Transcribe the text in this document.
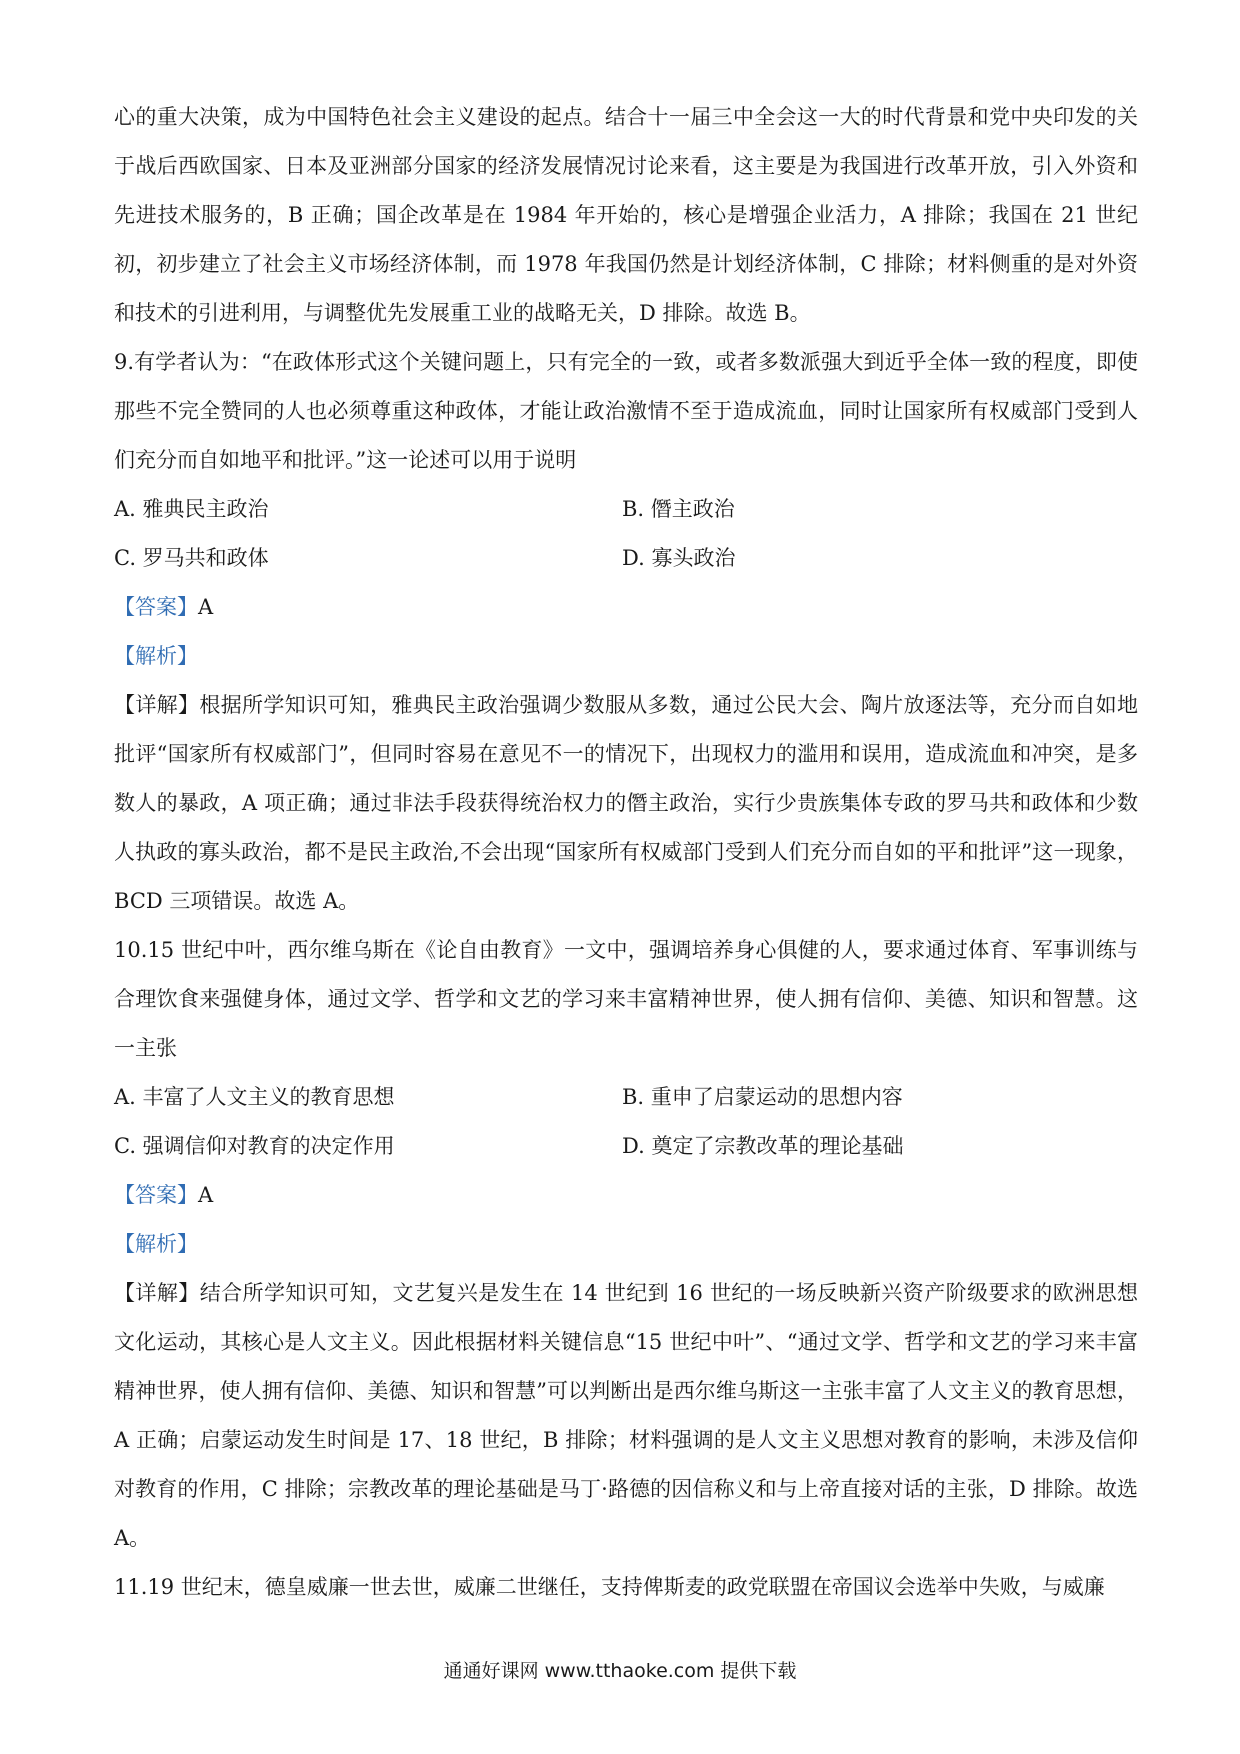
心的重大决策，成为中国特色社会主义建设的起点。结合十一届三中全会这一大的时代背景和党中央印发的关于战后西欧国家、日本及亚洲部分国家的经济发展情况讨论来看，这主要是为我国进行改革开放，引入外资和先进技术服务的，B 正确；国企改革是在 1984 年开始的，核心是增强企业活力，A 排除；我国在 21 世纪初，初步建立了社会主义市场经济体制，而 1978 年我国仍然是计划经济体制，C 排除；材料侧重的是对外资和技术的引进利用，与调整优先发展重工业的战略无关，D 排除。故选 B。

9.有学者认为：“在政体形式这个关键问题上，只有完全的一致，或者多数派强大到近乎全体一致的程度，即使那些不完全赞同的人也必须尊重这种政体，才能让政治激情不至于造成流血，同时让国家所有权威部门受到人们充分而自如地平和批评。”这一论述可以用于说明

A. 雅典民主政治	B. 僭主政治

C. 罗马共和政体	D. 寡头政治

【答案】A

【解析】

【详解】根据所学知识可知，雅典民主政治强调少数服从多数，通过公民大会、陶片放逐法等，充分而自如地批评“国家所有权威部门”，但同时容易在意见不一的情况下，出现权力的滥用和误用，造成流血和冲突，是多数人的暴政，A 项正确；通过非法手段获得统治权力的僭主政治，实行少贵族集体专政的罗马共和政体和少数人执政的寡头政治，都不是民主政治,不会出现“国家所有权威部门受到人们充分而自如的平和批评”这一现象，BCD 三项错误。故选 A。

10.15 世纪中叶，西尔维乌斯在《论自由教育》一文中，强调培养身心俱健的人，要求通过体育、军事训练与合理饮食来强健身体，通过文学、哲学和文艺的学习来丰富精神世界，使人拥有信仰、美德、知识和智慧。这一主张

A. 丰富了人文主义的教育思想	B. 重申了启蒙运动的思想内容

C. 强调信仰对教育的决定作用	D. 奠定了宗教改革的理论基础

【答案】A

【解析】

【详解】结合所学知识可知，文艺复兴是发生在 14 世纪到 16 世纪的一场反映新兴资产阶级要求的欧洲思想文化运动，其核心是人文主义。因此根据材料关键信息“15 世纪中叶”、“通过文学、哲学和文艺的学习来丰富精神世界，使人拥有信仰、美德、知识和智慧”可以判断出是西尔维乌斯这一主张丰富了人文主义的教育思想，A 正确；启蒙运动发生时间是 17、18 世纪，B 排除；材料强调的是人文主义思想对教育的影响，未涉及信仰对教育的作用，C 排除；宗教改革的理论基础是马丁·路德的因信称义和与上帝直接对话的主张，D 排除。故选 A。

11.19 世纪末，德皇威廉一世去世，威廉二世继任，支持俾斯麦的政党联盟在帝国议会选举中失败，与威廉

通通好课网 www.tthaoke.com 提供下载
